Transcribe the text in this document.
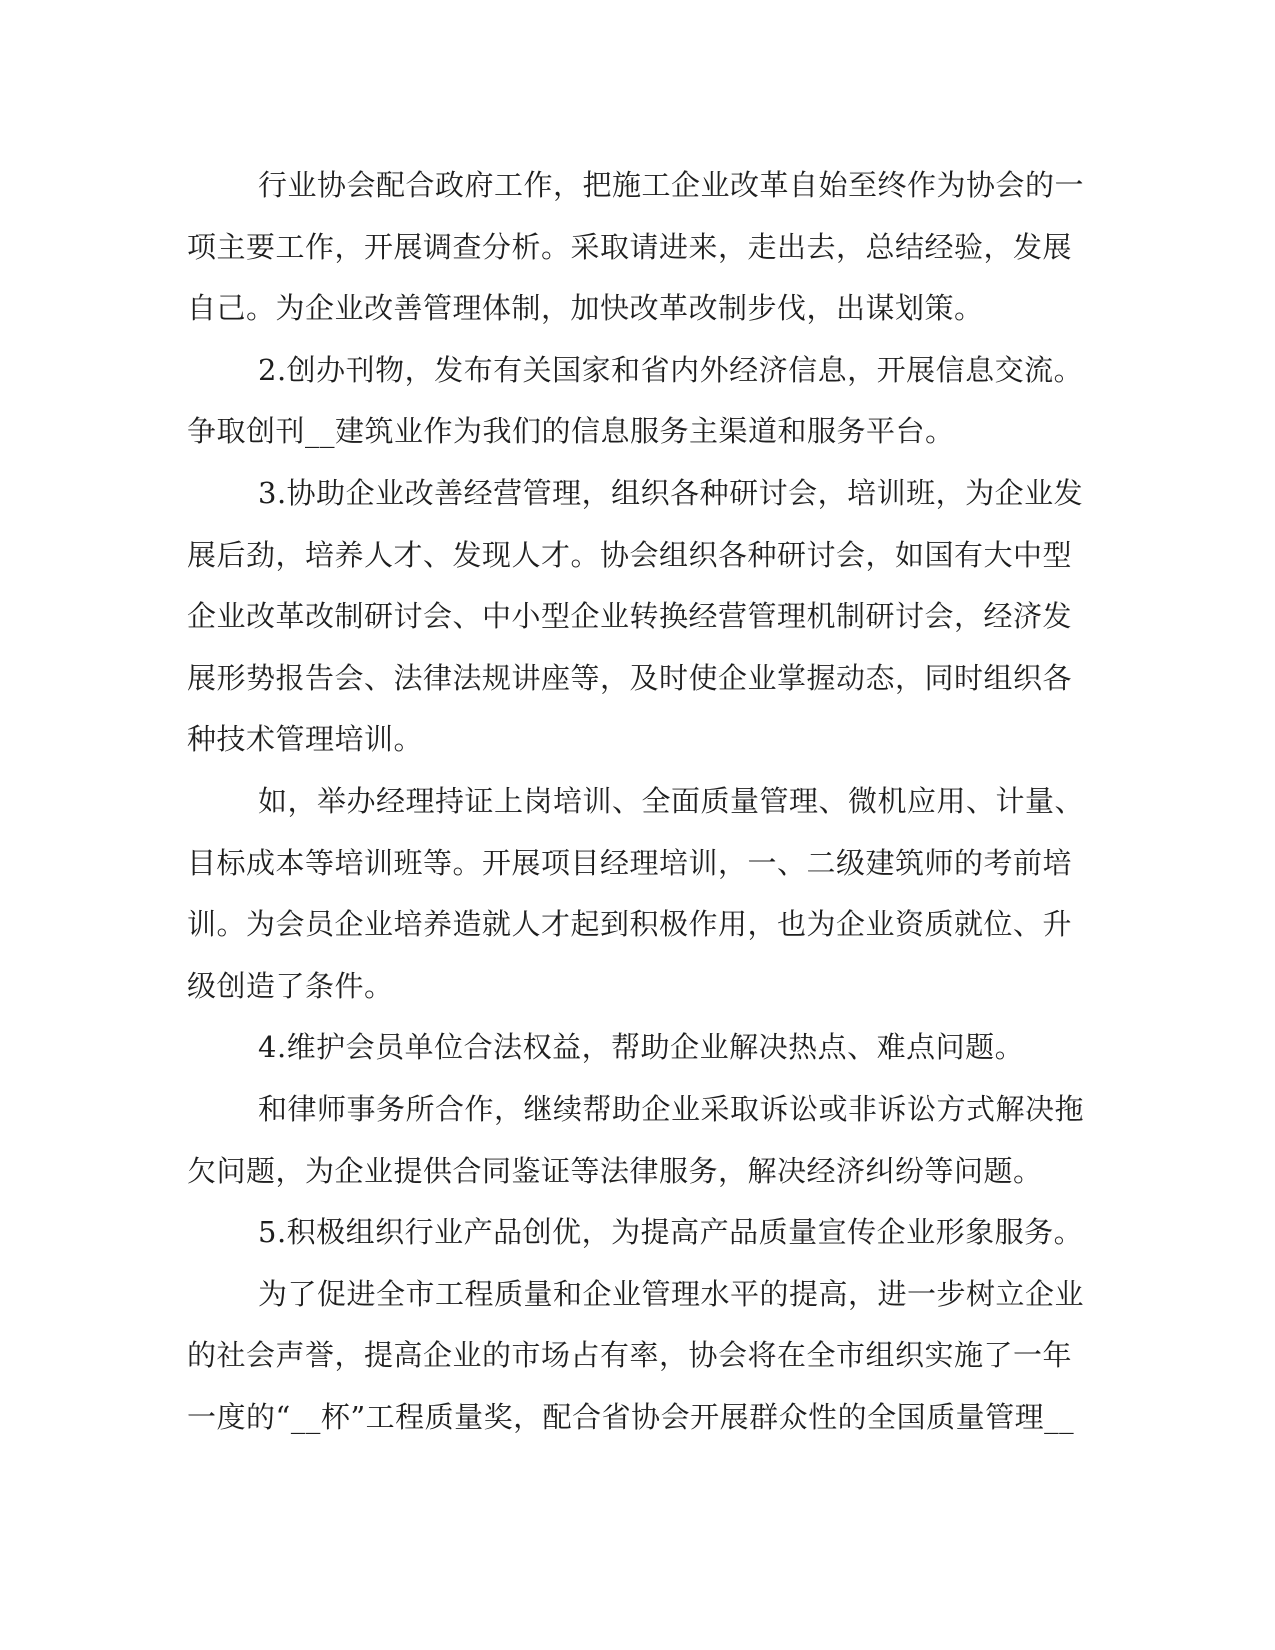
行业协会配合政府工作，把施工企业改革自始至终作为协会的一
项主要工作，开展调查分析。采取请进来，走出去，总结经验，发展
自己。为企业改善管理体制，加快改革改制步伐，出谋划策。
2.创办刊物，发布有关国家和省内外经济信息，开展信息交流。
争取创刊__建筑业作为我们的信息服务主渠道和服务平台。
3.协助企业改善经营管理，组织各种研讨会，培训班，为企业发
展后劲，培养人才、发现人才。协会组织各种研讨会，如国有大中型
企业改革改制研讨会、中小型企业转换经营管理机制研讨会，经济发
展形势报告会、法律法规讲座等，及时使企业掌握动态，同时组织各
种技术管理培训。
如，举办经理持证上岗培训、全面质量管理、微机应用、计量、
目标成本等培训班等。开展项目经理培训，一、二级建筑师的考前培
训。为会员企业培养造就人才起到积极作用，也为企业资质就位、升
级创造了条件。
4.维护会员单位合法权益，帮助企业解决热点、难点问题。
和律师事务所合作，继续帮助企业采取诉讼或非诉讼方式解决拖
欠问题，为企业提供合同鉴证等法律服务，解决经济纠纷等问题。
5.积极组织行业产品创优，为提高产品质量宣传企业形象服务。
为了促进全市工程质量和企业管理水平的提高，进一步树立企业
的社会声誉，提高企业的市场占有率，协会将在全市组织实施了一年
一度的“__杯”工程质量奖，配合省协会开展群众性的全国质量管理__
